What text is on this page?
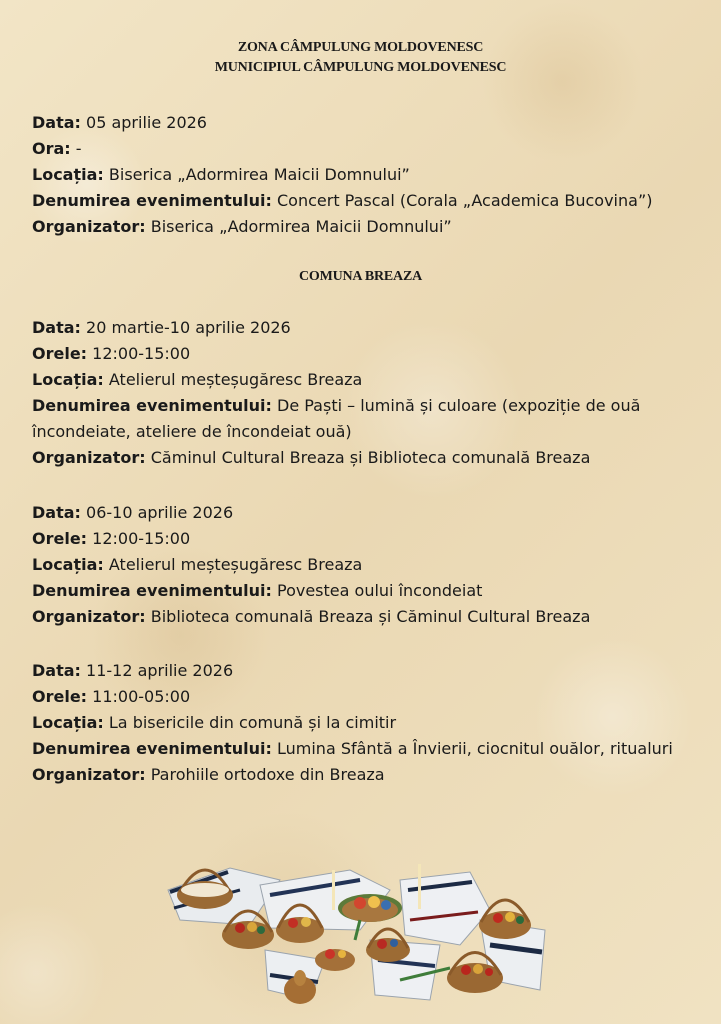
ZONA CÂMPULUNG MOLDOVENESC

MUNICIPIUL CÂMPULUNG MOLDOVENESC

Data: 05 aprilie 2026

Ora: -

Locația: Biserica „Adormirea Maicii Domnului”

Denumirea evenimentului: Concert Pascal (Corala „Academica Bucovina”)

Organizator: Biserica „Adormirea Maicii Domnului”

COMUNA BREAZA

Data: 20 martie-10 aprilie 2026

Orele: 12:00-15:00

Locația: Atelierul meșteșugăresc Breaza

Denumirea evenimentului: De Paști – lumină și culoare (expoziție de ouă încondeiate, ateliere de încondeiat ouă)

Organizator: Căminul Cultural Breaza și Biblioteca comunală Breaza

Data: 06-10 aprilie 2026

Orele: 12:00-15:00

Locația: Atelierul meșteșugăresc Breaza

Denumirea evenimentului: Povestea oului încondeiat

Organizator: Biblioteca comunală Breaza și Căminul Cultural Breaza

Data: 11-12 aprilie 2026

Orele: 11:00-05:00

Locația: La bisericile din comună și la cimitir

Denumirea evenimentului: Lumina Sfântă a Învierii, ciocnitul ouălor, ritualuri

Organizator: Parohiile ortodoxe din Breaza
